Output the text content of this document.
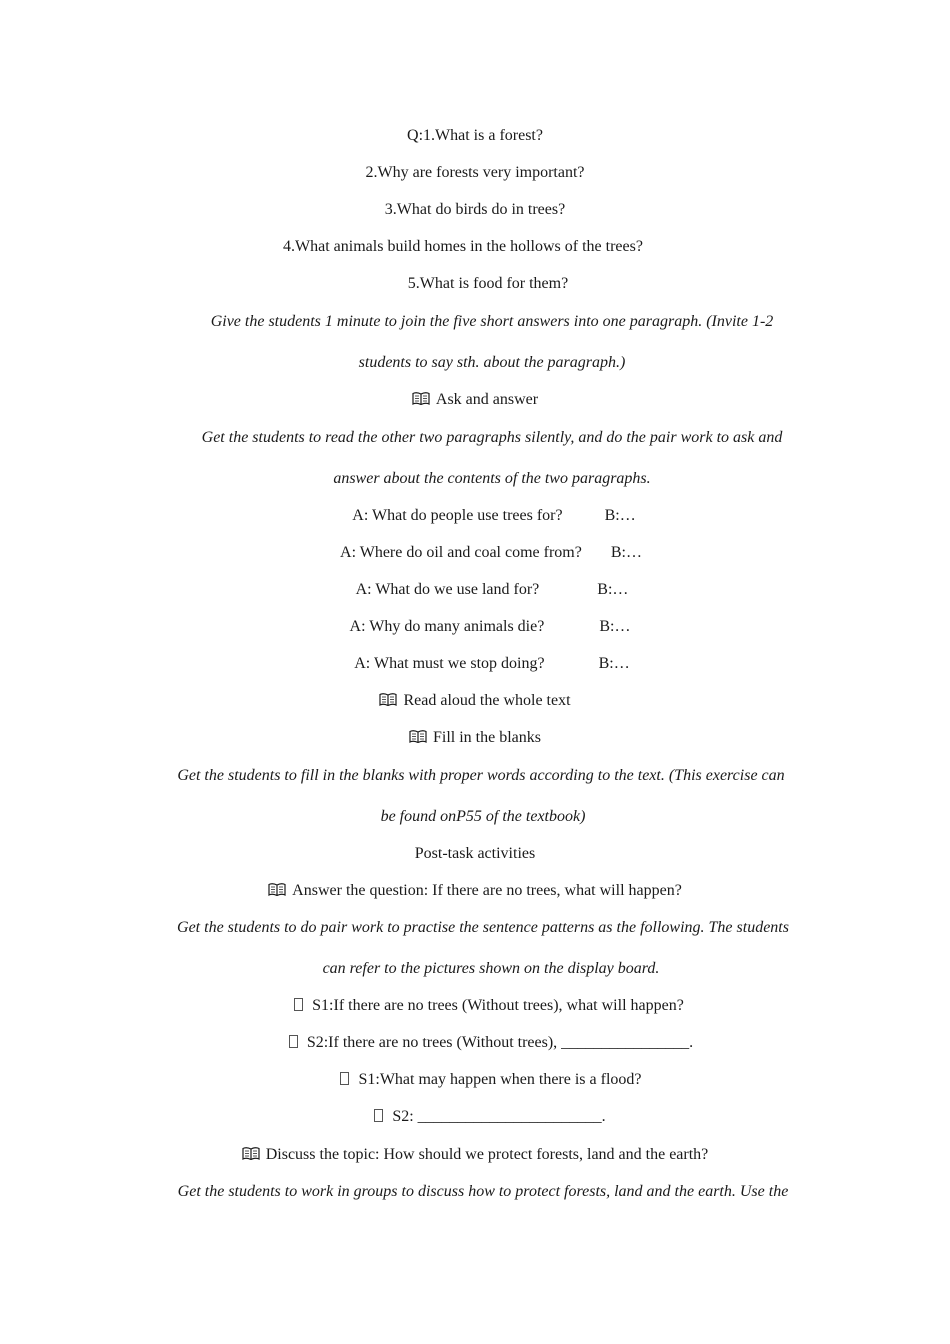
Q:1.What is a forest?
2.Why are forests very important?
3.What do birds do in trees?
4.What animals build homes in the hollows of the trees?
5.What is food for them?
Give the students 1 minute to join the five short answers into one paragraph. (Invite 1-2
students to say sth. about the paragraph.)
Ask and answer
Get the students to read the other two paragraphs silently, and do the pair work to ask and
answer about the contents of the two paragraphs.
A: What do people use trees for?	B:…
A: Where do oil and coal come from? B:…
A: What do we use land for?	B:…
A: Why do many animals die?	B:…
A: What must we stop doing?	B:…
Read aloud the whole text
Fill in the blanks
Get the students to fill in the blanks with proper words according to the text. (This exercise can
be found onP55 of the textbook)
Post-task activities
Answer the question: If there are no trees, what will happen?
Get the students to do pair work to practise the sentence patterns as the following. The students
can refer to the pictures shown on the display board.
S1:If there are no trees (Without trees), what will happen?
S2:If there are no trees (Without trees), ________________.
S1:What may happen when there is a flood?
S2: _______________________.
Discuss the topic: How should we protect forests, land and the earth?
Get the students to work in groups to discuss how to protect forests, land and the earth. Use the
